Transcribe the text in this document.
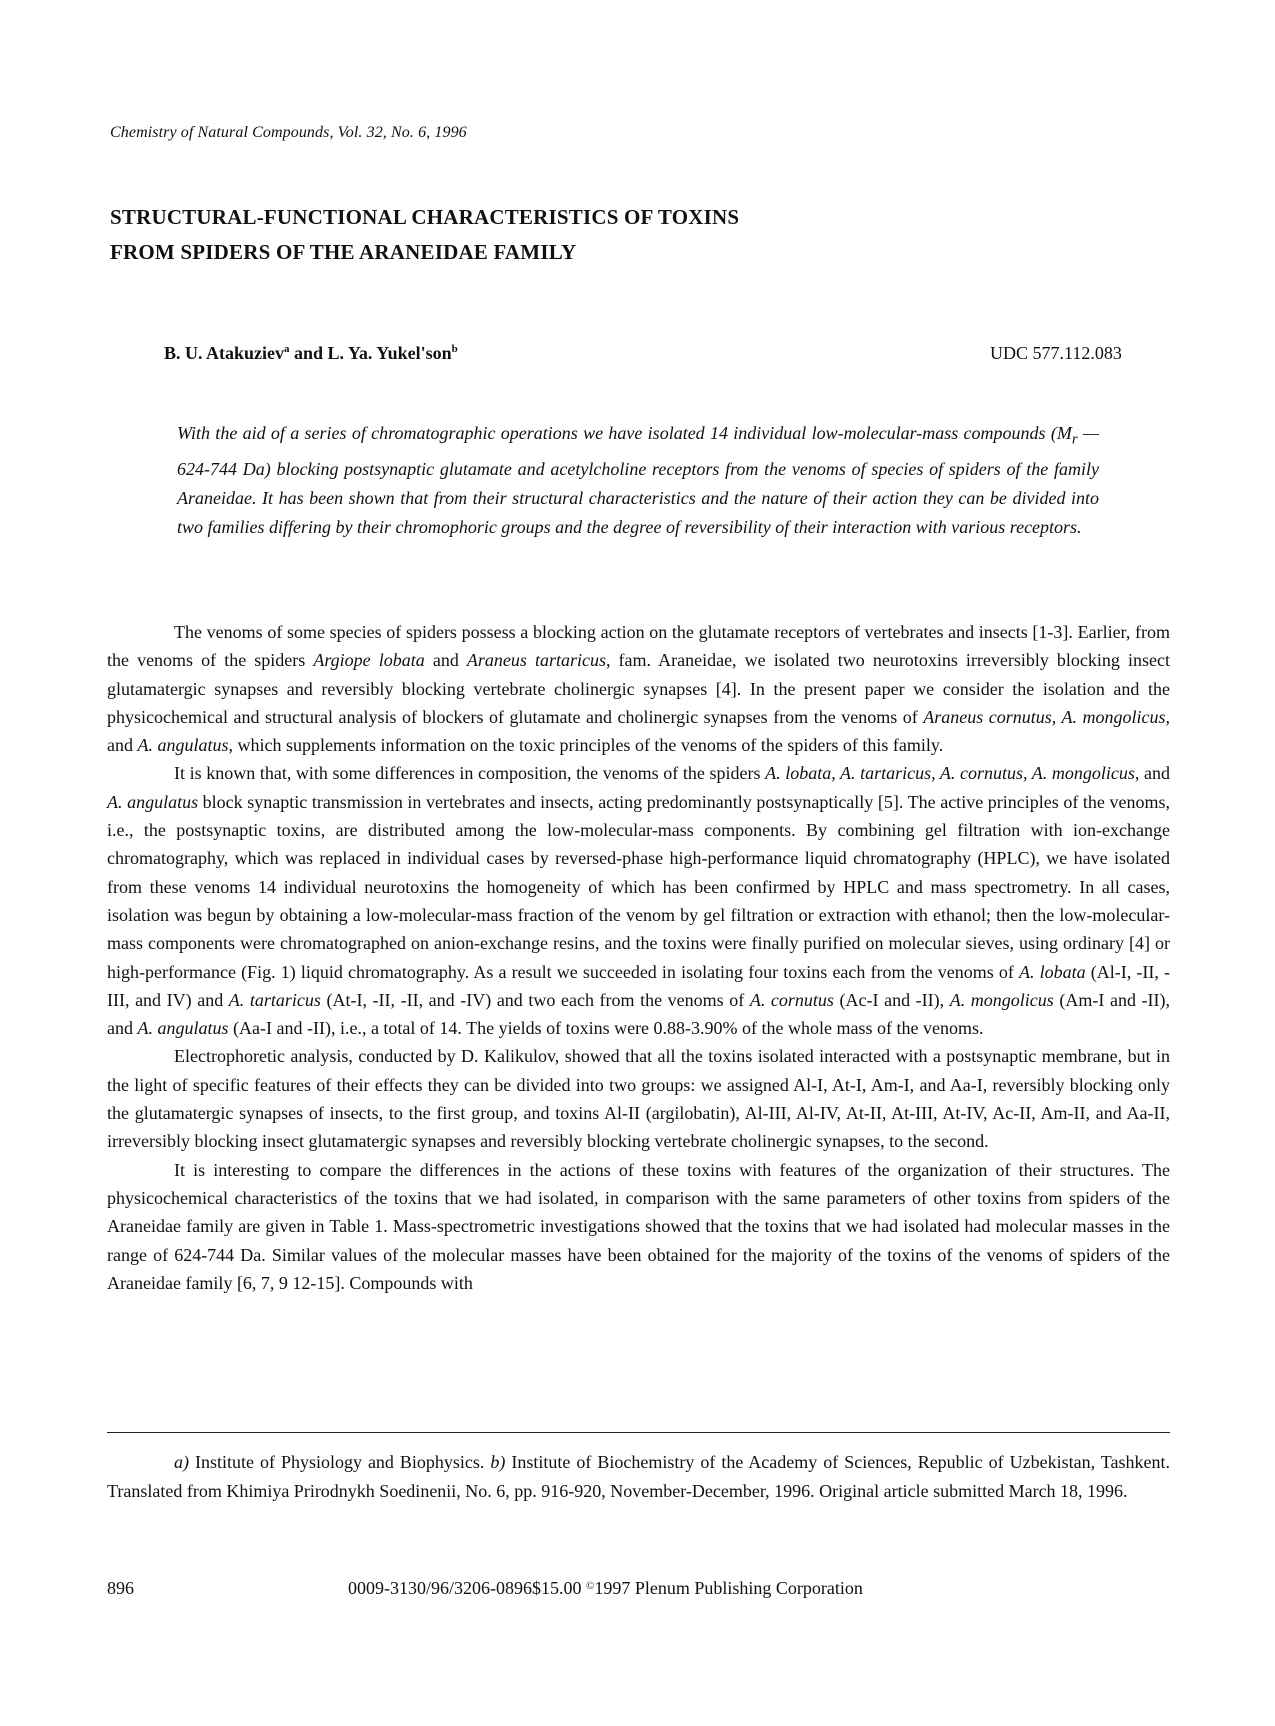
Chemistry of Natural Compounds, Vol. 32, No. 6, 1996
STRUCTURAL-FUNCTIONAL CHARACTERISTICS OF TOXINS
FROM SPIDERS OF THE ARANEIDAE FAMILY
B. U. Atakuziev$^a$ and L. Ya. Yukel'son$^b$	UDC 577.112.083

With the aid of a series of chromatographic operations we have isolated 14 individual low-molecular-mass compounds ($M_r$ — 624-744 Da) blocking postsynaptic glutamate and acetylcholine receptors from the venoms of species of spiders of the family Araneidae. It has been shown that from their structural characteristics and the nature of their action they can be divided into two families differing by their chromophoric groups and the degree of reversibility of their interaction with various receptors.

The venoms of some species of spiders possess a blocking action on the glutamate receptors of vertebrates and insects [1-3]. Earlier, from the venoms of the spiders Argiope lobata and Araneus tartaricus, fam. Araneidae, we isolated two neurotoxins irreversibly blocking insect glutamatergic synapses and reversibly blocking vertebrate cholinergic synapses [4]. In the present paper we consider the isolation and the physicochemical and structural analysis of blockers of glutamate and cholinergic synapses from the venoms of Araneus cornutus, A. mongolicus, and A. angulatus, which supplements information on the toxic principles of the venoms of the spiders of this family.

It is known that, with some differences in composition, the venoms of the spiders A. lobata, A. tartaricus, A. cornutus, A. mongolicus, and A. angulatus block synaptic transmission in vertebrates and insects, acting predominantly postsynaptically [5]. The active principles of the venoms, i.e., the postsynaptic toxins, are distributed among the low-molecular-mass components. By combining gel filtration with ion-exchange chromatography, which was replaced in individual cases by reversed-phase high-performance liquid chromatography (HPLC), we have isolated from these venoms 14 individual neurotoxins the homogeneity of which has been confirmed by HPLC and mass spectrometry. In all cases, isolation was begun by obtaining a low-molecular-mass fraction of the venom by gel filtration or extraction with ethanol; then the low-molecular-mass components were chromatographed on anion-exchange resins, and the toxins were finally purified on molecular sieves, using ordinary [4] or high-performance (Fig. 1) liquid chromatography. As a result we succeeded in isolating four toxins each from the venoms of A. lobata (Al-I, -II, -III, and IV) and A. tartaricus (At-I, -II, -II, and -IV) and two each from the venoms of A. cornutus (Ac-I and -II), A. mongolicus (Am-I and -II), and A. angulatus (Aa-I and -II), i.e., a total of 14. The yields of toxins were 0.88-3.90% of the whole mass of the venoms.

Electrophoretic analysis, conducted by D. Kalikulov, showed that all the toxins isolated interacted with a postsynaptic membrane, but in the light of specific features of their effects they can be divided into two groups: we assigned Al-I, At-I, Am-I, and Aa-I, reversibly blocking only the glutamatergic synapses of insects, to the first group, and toxins Al-II (argilobatin), Al-III, Al-IV, At-II, At-III, At-IV, Ac-II, Am-II, and Aa-II, irreversibly blocking insect glutamatergic synapses and reversibly blocking vertebrate cholinergic synapses, to the second.

It is interesting to compare the differences in the actions of these toxins with features of the organization of their structures. The physicochemical characteristics of the toxins that we had isolated, in comparison with the same parameters of other toxins from spiders of the Araneidae family are given in Table 1. Mass-spectrometric investigations showed that the toxins that we had isolated had molecular masses in the range of 624-744 Da. Similar values of the molecular masses have been obtained for the majority of the toxins of the venoms of spiders of the Araneidae family [6, 7, 9 12-15]. Compounds with

a) Institute of Physiology and Biophysics. b) Institute of Biochemistry of the Academy of Sciences, Republic of Uzbekistan, Tashkent. Translated from Khimiya Prirodnykh Soedinenii, No. 6, pp. 916-920, November-December, 1996. Original article submitted March 18, 1996.

896	0009-3130/96/3206-0896$15.00 ©1997 Plenum Publishing Corporation
